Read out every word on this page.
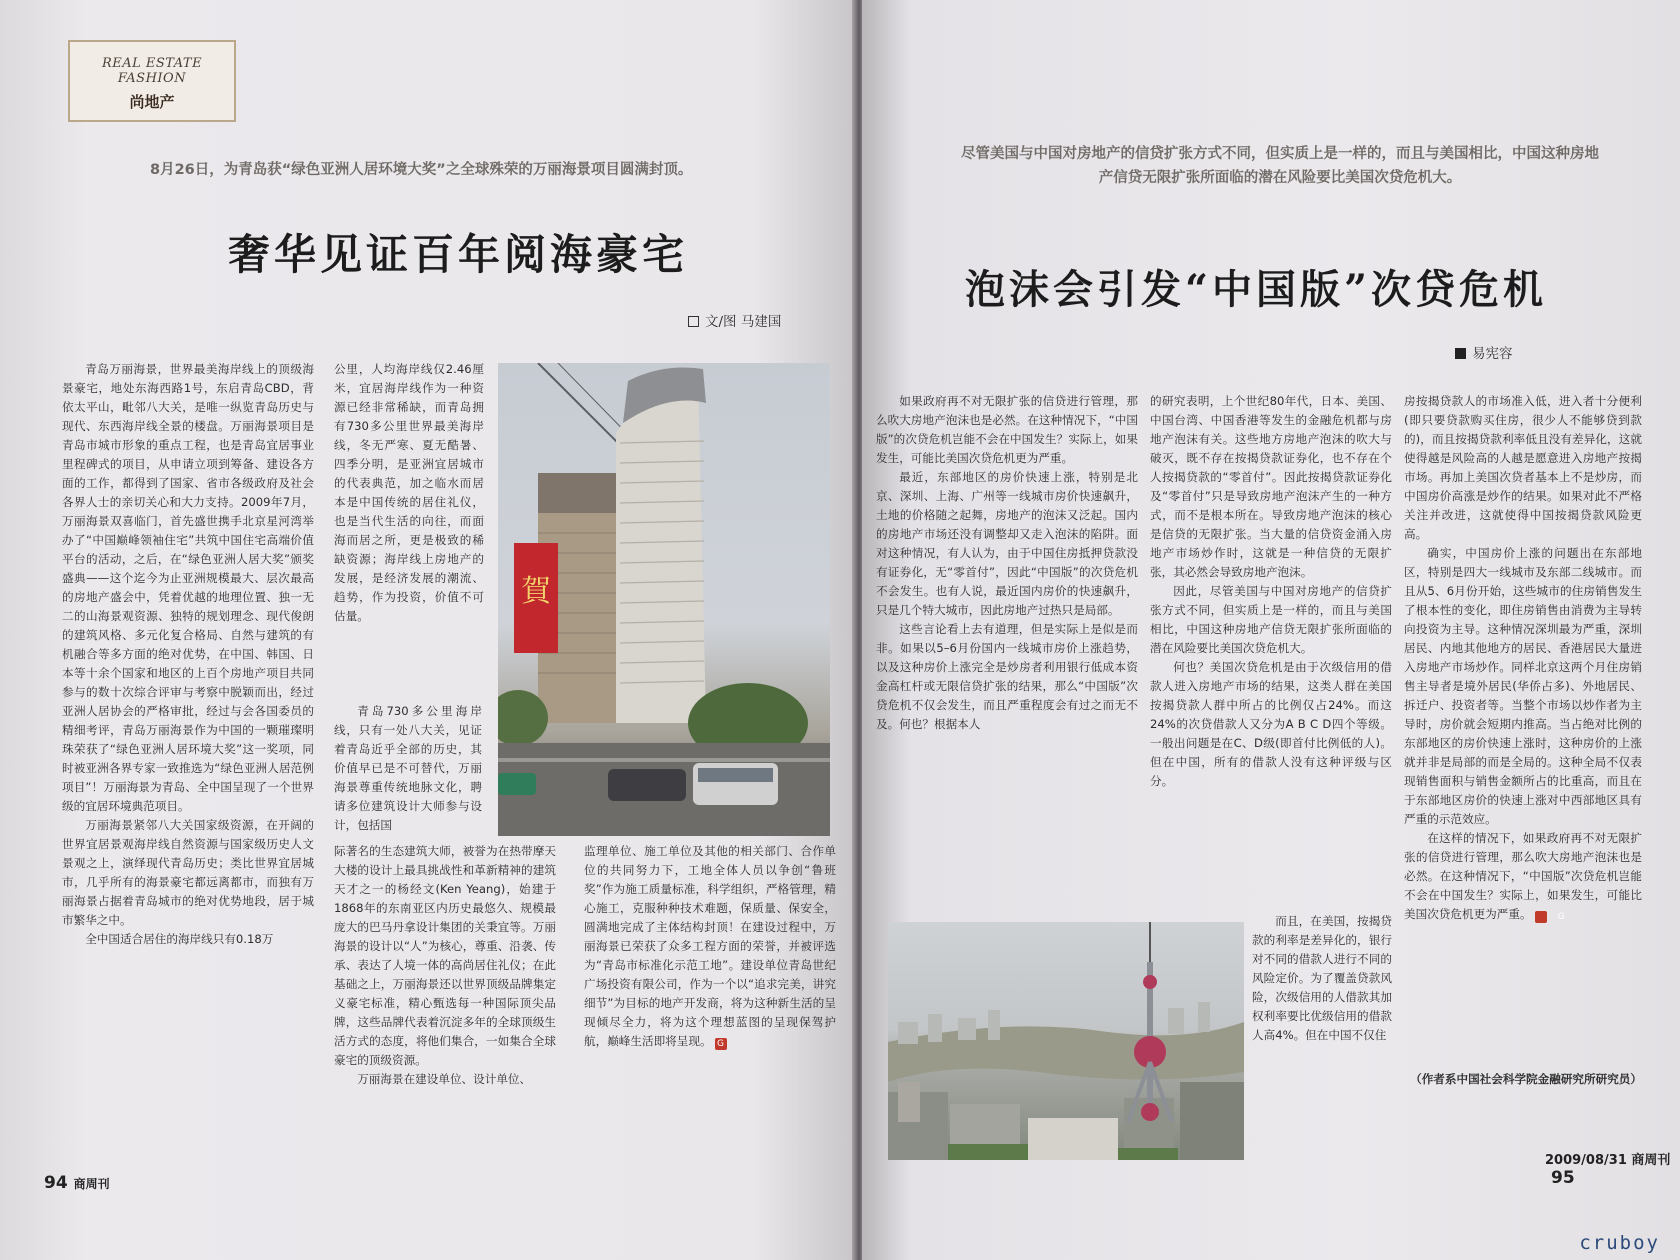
REAL ESTATE FASHION
尚地产
8月26日，为青岛获“绿色亚洲人居环境大奖”之全球殊荣的万丽海景项目圆满封顶。
奢华见证百年阅海豪宅
文/图 马建国

青岛万丽海景，世界最美海岸线上的顶级海景豪宅，地处东海西路1号，东启青岛CBD，背依太平山，毗邻八大关，是唯一纵览青岛历史与现代、东西海岸线全景的楼盘。万丽海景项目是青岛市城市形象的重点工程，也是青岛宜居事业里程碑式的项目，从申请立项到筹备、建设各方面的工作，都得到了国家、省市各级政府及社会各界人士的亲切关心和大力支持。2009年7月，万丽海景双喜临门，首先盛世携手北京星河湾举办了“中国巅峰领袖住宅”共筑中国住宅高端价值平台的活动，之后，在“绿色亚洲人居大奖”颁奖盛典——这个迄今为止亚洲规模最大、层次最高的房地产盛会中，凭着优越的地理位置、独一无二的山海景观资源、独特的规划理念、现代俊朗的建筑风格、多元化复合格局、自然与建筑的有机融合等多方面的绝对优势，在中国、韩国、日本等十余个国家和地区的上百个房地产项目共同参与的数十次综合评审与考察中脱颖而出，经过亚洲人居协会的严格审批，经过与会各国委员的精细考评，青岛万丽海景作为中国的一颗璀璨明珠荣获了“绿色亚洲人居环境大奖”这一奖项，同时被亚洲各界专家一致推选为“绿色亚洲人居范例项目”！万丽海景为青岛、全中国呈现了一个世界级的宜居环境典范项目。

万丽海景紧邻八大关国家级资源，在开阔的世界宜居景观海岸线自然资源与国家级历史人文景观之上，演绎现代青岛历史；类比世界宜居城市，几乎所有的海景豪宅都远离都市，而独有万丽海景占据着青岛城市的绝对优势地段，居于城市繁华之中。

全中国适合居住的海岸线只有0.18万

公里，人均海岸线仅2.46厘米，宜居海岸线作为一种资源已经非常稀缺，而青岛拥有730多公里世界最美海岸线，冬无严寒、夏无酷暑、四季分明，是亚洲宜居城市的代表典范，加之临水而居本是中国传统的居住礼仪，也是当代生活的向往，而面海而居之所，更是极致的稀缺资源；海岸线上房地产的发展，是经济发展的潮流、趋势，作为投资，价值不可估量。

青岛730多公里海岸线，只有一处八大关，见证着青岛近乎全部的历史，其价值早已是不可替代，万丽海景尊重传统地脉文化，聘请多位建筑设计大师参与设计，包括国

际著名的生态建筑大师，被誉为在热带摩天大楼的设计上最具挑战性和革新精神的建筑天才之一的杨经文(Ken Yeang)，始建于1868年的东南亚区内历史最悠久、规模最庞大的巴马丹拿设计集团的关秉宜等。万丽海景的设计以“人”为核心，尊重、沿袭、传承、表达了人境一体的高尚居住礼仪；在此基础之上，万丽海景还以世界顶级品牌集定义豪宅标准，精心甄选每一种国际顶尖品牌，这些品牌代表着沉淀多年的全球顶级生活方式的态度，将他们集合，一如集合全球豪宅的顶级资源。

万丽海景在建设单位、设计单位、

监理单位、施工单位及其他的相关部门、合作单位的共同努力下，工地全体人员以争创“鲁班奖”作为施工质量标准，科学组织，严格管理，精心施工，克服种种技术难题，保质量、保安全，圆满地完成了主体结构封顶！在建设过程中，万丽海景已荣获了众多工程方面的荣誉，并被评选为“青岛市标准化示范工地”。建设单位青岛世纪广场投资有限公司，作为一个以“追求完美，讲究细节”为目标的地产开发商，将为这种新生活的呈现倾尽全力，将为这个理想蓝图的呈现保驾护航，巅峰生活即将呈现。 G

賀
94 商周刊
尽管美国与中国对房地产的信贷扩张方式不同，但实质上是一样的，而且与美国相比，中国这种房地产信贷无限扩张所面临的潜在风险要比美国次贷危机大。
泡沫会引发“中国版”次贷危机
易宪容

如果政府再不对无限扩张的信贷进行管理，那么吹大房地产泡沫也是必然。在这种情况下，“中国版”的次贷危机岂能不会在中国发生？实际上，如果发生，可能比美国次贷危机更为严重。

最近，东部地区的房价快速上涨，特别是北京、深圳、上海、广州等一线城市房价快速飙升，土地的价格随之起舞，房地产的泡沫又泛起。国内的房地产市场还没有调整却又走入泡沫的陷阱。面对这种情况，有人认为，由于中国住房抵押贷款没有证券化，无“零首付”，因此“中国版”的次贷危机不会发生。也有人说，最近国内房价的快速飙升，只是几个特大城市，因此房地产过热只是局部。

这些言论看上去有道理，但是实际上是似是而非。如果以5–6月份国内一线城市房价上涨趋势，以及这种房价上涨完全是炒房者利用银行低成本资金高杠杆或无限信贷扩张的结果，那么“中国版”次贷危机不仅会发生，而且严重程度会有过之而无不及。何也？根据本人

的研究表明，上个世纪80年代，日本、美国、中国台湾、中国香港等发生的金融危机都与房地产泡沫有关。这些地方房地产泡沫的吹大与破灭，既不存在按揭贷款证券化，也不存在个人按揭贷款的“零首付”。因此按揭贷款证券化及“零首付”只是导致房地产泡沫产生的一种方式，而不是根本所在。导致房地产泡沫的核心是信贷的无限扩张。当大量的信贷资金涌入房地产市场炒作时，这就是一种信贷的无限扩张，其必然会导致房地产泡沫。

因此，尽管美国与中国对房地产的信贷扩张方式不同，但实质上是一样的，而且与美国相比，中国这种房地产信贷无限扩张所面临的潜在风险要比美国次贷危机大。

何也？美国次贷危机是由于次级信用的借款人进入房地产市场的结果，这类人群在美国按揭贷款人群中所占的比例仅占24%。而这24%的次贷借款人又分为A B C D四个等级。一般出问题是在C、D级(即首付比例低的人)。但在中国，所有的借款人没有这种评级与区分。

而且，在美国，按揭贷款的利率是差异化的，银行对不同的借款人进行不同的风险定价。为了覆盖贷款风险，次级信用的人借款其加权利率要比优级信用的借款人高4%。但在中国不仅住

房按揭贷款人的市场准入低，进入者十分便利(即只要贷款购买住房，很少人不能够贷到款的)，而且按揭贷款利率低且没有差异化，这就使得越是风险高的人越是愿意进入房地产按揭市场。再加上美国次贷者基本上不是炒房，而中国房价高涨是炒作的结果。如果对此不严格关注并改进，这就使得中国按揭贷款风险更高。

确实，中国房价上涨的问题出在东部地区，特别是四大一线城市及东部二线城市。而且从5、6月份开始，这些城市的住房销售发生了根本性的变化，即住房销售由消费为主导转向投资为主导。这种情况深圳最为严重，深圳居民、内地其他地方的居民、香港居民大量进入房地产市场炒作。同样北京这两个月住房销售主导者是境外居民(华侨占多)、外地居民、拆迁户、投资者等。当整个市场以炒作者为主导时，房价就会短期内推高。当占绝对比例的东部地区的房价快速上涨时，这种房价的上涨就并非是局部的而是全局的。这种全局不仅表现销售面积与销售金额所占的比重高，而且在于东部地区房价的快速上涨对中西部地区具有严重的示范效应。

在这样的情况下，如果政府再不对无限扩张的信贷进行管理，那么吹大房地产泡沫也是必然。在这种情况下，“中国版”次贷危机岂能不会在中国发生？实际上，如果发生，可能比美国次贷危机更为严重。	G

（作者系中国社会科学院金融研究所研究员）
2009/08/31 商周刊95
cruboy
